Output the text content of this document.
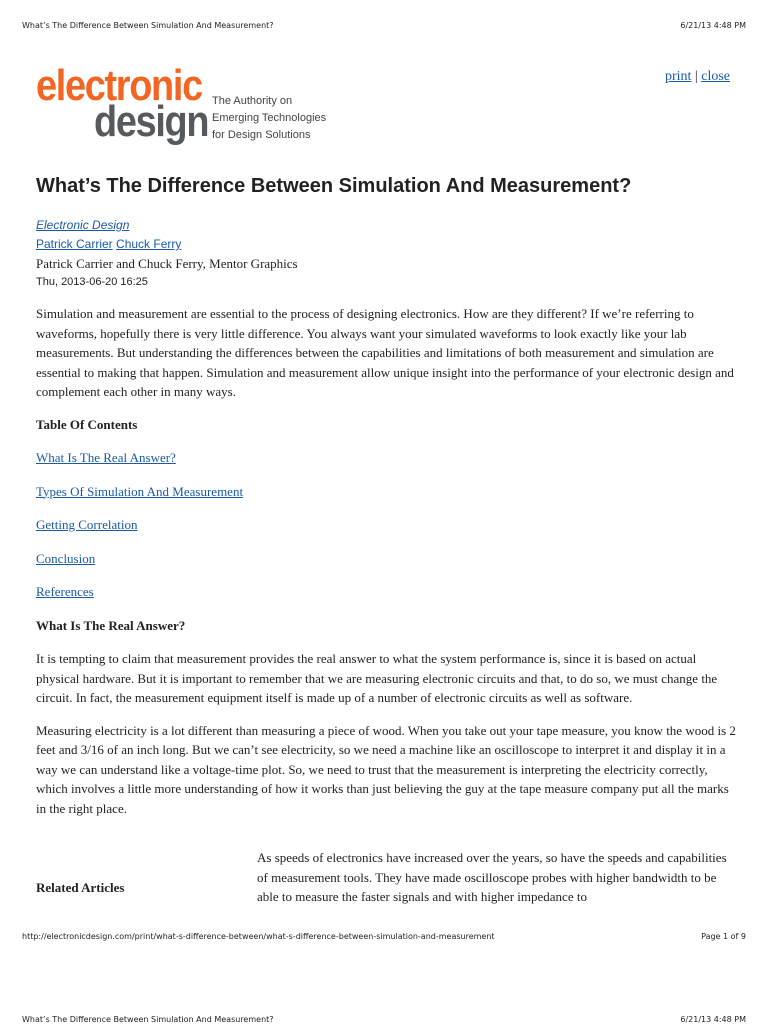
What’s The Difference Between Simulation And Measurement?	6/21/13 4:48 PM
electronic
design The Authority on
Emerging Technologies
for Design Solutions
print | close
What’s The Difference Between Simulation And Measurement?
Electronic Design
Patrick Carrier Chuck Ferry
Patrick Carrier and Chuck Ferry, Mentor Graphics
Thu, 2013-06-20 16:25

Simulation and measurement are essential to the process of designing electronics. How are they different? If we’re referring to waveforms, hopefully there is very little difference. You always want your simulated waveforms to look exactly like your lab measurements. But understanding the differences between the capabilities and limitations of both measurement and simulation are essential to making that happen. Simulation and measurement allow unique insight into the performance of your electronic design and complement each other in many ways.

Table Of Contents
What Is The Real Answer?
Types Of Simulation And Measurement
Getting Correlation
Conclusion
References
What Is The Real Answer?

It is tempting to claim that measurement provides the real answer to what the system performance is, since it is based on actual physical hardware. But it is important to remember that we are measuring electronic circuits and that, to do so, we must change the circuit. In fact, the measurement equipment itself is made up of a number of electronic circuits as well as software.

Measuring electricity is a lot different than measuring a piece of wood. When you take out your tape measure, you know the wood is 2 feet and 3/16 of an inch long. But we can’t see electricity, so we need a machine like an oscilloscope to interpret it and display it in a way we can understand like a voltage-time plot. So, we need to trust that the measurement is interpreting the electricity correctly, which involves a little more understanding of how it works than just believing the guy at the tape measure company put all the marks in the right place.

Related Articles
As speeds of electronics have increased over the years, so have the speeds and capabilities of measurement tools. They have made oscilloscope probes with higher bandwidth to be able to measure the faster signals and with higher impedance to
http://electronicdesign.com/print/what-s-difference-between/what-s-difference-between-simulation-and-measurement	Page 1 of 9
What’s The Difference Between Simulation And Measurement?	6/21/13 4:48 PM
